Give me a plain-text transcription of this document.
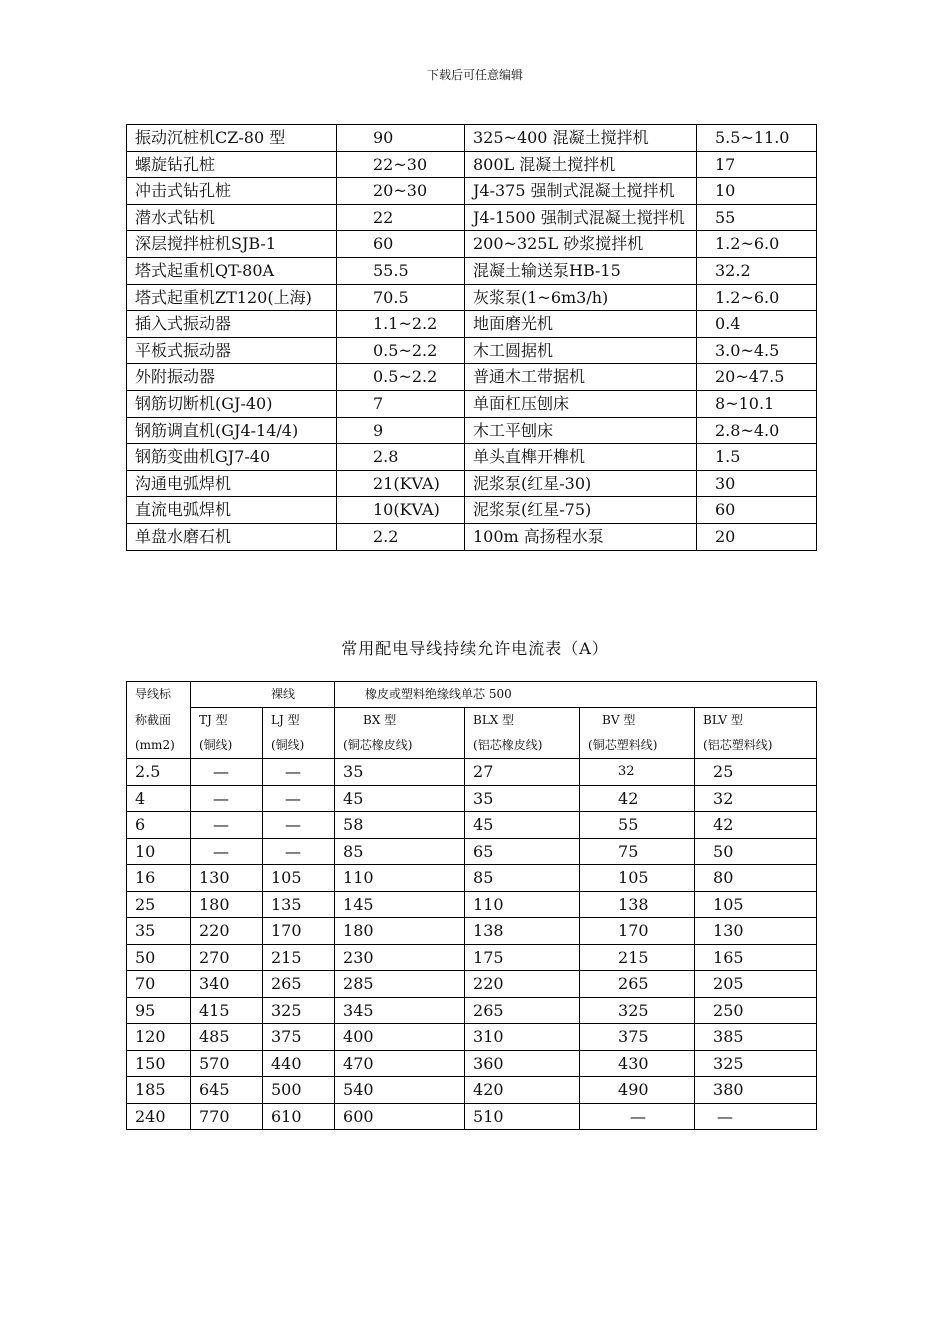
下载后可任意编辑
振动沉桩机CZ-80 型	90	325~400 混凝土搅拌机	5.5~11.0
螺旋钻孔桩	22~30	800L 混凝土搅拌机	17
冲击式钻孔桩	20~30	J4-375 强制式混凝土搅拌机	10
潜水式钻机	22	J4-1500 强制式混凝土搅拌机	55
深层搅拌桩机SJB-1	60	200~325L 砂浆搅拌机	1.2~6.0
塔式起重机QT-80A	55.5	混凝土输送泵HB-15	32.2
塔式起重机ZT120(上海)	70.5	灰浆泵(1~6m3/h)	1.2~6.0
插入式振动器	1.1~2.2	地面磨光机	0.4
平板式振动器	0.5~2.2	木工圆据机	3.0~4.5
外附振动器	0.5~2.2	普通木工带据机	20~47.5
钢筋切断机(GJ-40)	7	单面杠压刨床	8~10.1
钢筋调直机(GJ4-14/4)	9	木工平刨床	2.8~4.0
钢筋变曲机GJ7-40	2.8	单头直榫开榫机	1.5
沟通电弧焊机	21(KVA)	泥浆泵(红星-30)	30
直流电弧焊机	10(KVA)	泥浆泵(红星-75)	60
单盘水磨石机	2.2	100m 高扬程水泵	20
常用配电导线持续允许电流表（A）
导线标	裸线		橡皮或塑料绝缘线单芯 500			
称截面	TJ 型	LJ 型	BX 型	BLX 型	BV 型	BLV 型
(mm2)	(铜线)	(铜线)	(铜芯橡皮线)	(铝芯橡皮线)	(铜芯塑料线)	(铝芯塑料线)
2.5	—	—	35	27	32	25
4	—	—	45	35	42	32
6	—	—	58	45	55	42
10	—	—	85	65	75	50
16	130	105	110	85	105	80
25	180	135	145	110	138	105
35	220	170	180	138	170	130
50	270	215	230	175	215	165
70	340	265	285	220	265	205
95	415	325	345	265	325	250
120	485	375	400	310	375	385
150	570	440	470	360	430	325
185	645	500	540	420	490	380
240	770	610	600	510	—	—
